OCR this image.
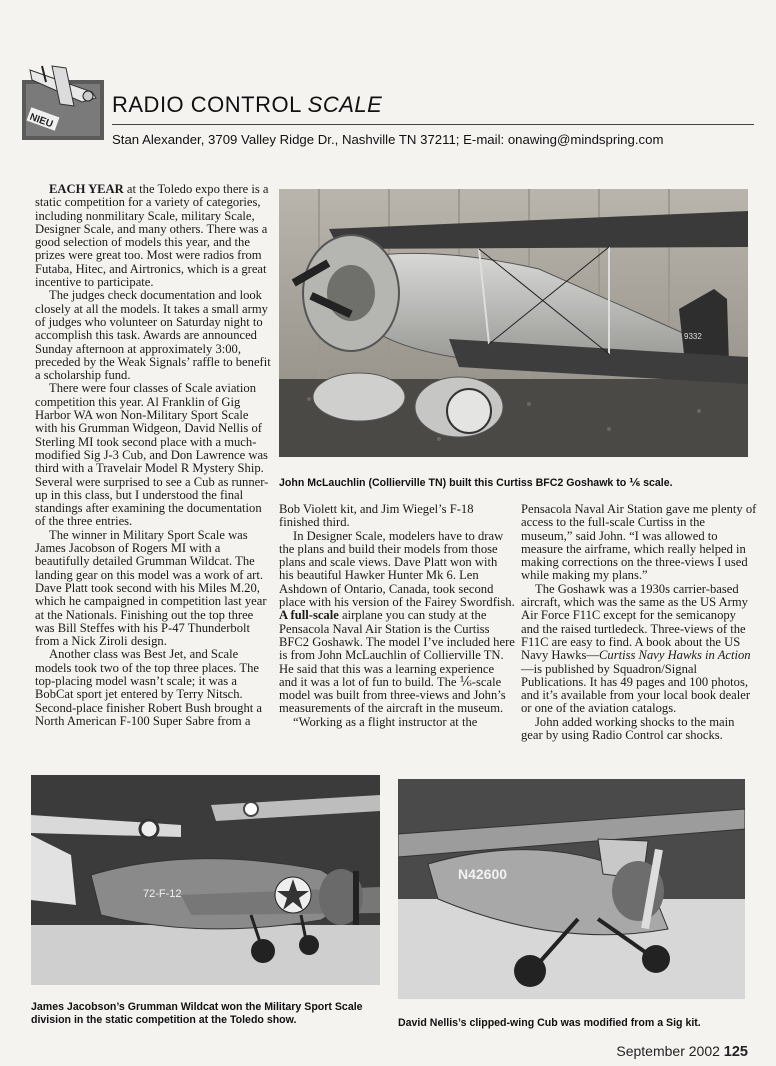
NIEU
RADIO CONTROL SCALE
Stan Alexander, 3709 Valley Ridge Dr., Nashville TN 37211; E-mail: onawing@mindspring.com

EACH YEAR at the Toledo expo there is a static competition for a variety of categories, including nonmilitary Scale, military Scale, Designer Scale, and many others. There was a good selection of models this year, and the prizes were great too. Most were radios from Futaba, Hitec, and Airtronics, which is a great incentive to participate.

The judges check documentation and look closely at all the models. It takes a small army of judges who volunteer on Saturday night to accomplish this task. Awards are announced Sunday afternoon at approximately 3:00, preceded by the Weak Signals’ raffle to benefit a scholarship fund.

There were four classes of Scale aviation competition this year. Al Franklin of Gig Harbor WA won Non-Military Sport Scale with his Grumman Widgeon, David Nellis of Sterling MI took second place with a much-modified Sig J-3 Cub, and Don Lawrence was third with a Travelair Model R Mystery Ship. Several were surprised to see a Cub as runner-up in this class, but I understood the final standings after examining the documentation of the three entries.

The winner in Military Sport Scale was James Jacobson of Rogers MI with a beautifully detailed Grumman Wildcat. The landing gear on this model was a work of art. Dave Platt took second with his Miles M.20, which he campaigned in competition last year at the Nationals. Finishing out the top three was Bill Steffes with his P-47 Thunderbolt from a Nick Ziroli design.

Another class was Best Jet, and Scale models took two of the top three places. The top-placing model wasn’t scale; it was a BobCat sport jet entered by Terry Nitsch. Second-place finisher Robert Bush brought a North American F-100 Super Sabre from a

9332
John McLauchlin (Collierville TN) built this Curtiss BFC2 Goshawk to ⅙ scale.

Bob Violett kit, and Jim Wiegel’s F-18 finished third.

In Designer Scale, modelers have to draw the plans and build their models from those plans and scale views. Dave Platt won with his beautiful Hawker Hunter Mk 6. Len Ashdown of Ontario, Canada, took second place with his version of the Fairey Swordfish.

A full-scale airplane you can study at the Pensacola Naval Air Station is the Curtiss BFC2 Goshawk. The model I’ve included here is from John McLauchlin of Collierville TN. He said that this was a learning experience and it was a lot of fun to build. The ⅙-scale model was built from three-views and John’s measurements of the aircraft in the museum.

“Working as a flight instructor at the

Pensacola Naval Air Station gave me plenty of access to the full-scale Curtiss in the museum,” said John. “I was allowed to measure the airframe, which really helped in making corrections on the three-views I used while making my plans.”

The Goshawk was a 1930s carrier-based aircraft, which was the same as the US Army Air Force F11C except for the semicanopy and the raised turtledeck. Three-views of the F11C are easy to find. A book about the US Navy Hawks—Curtiss Navy Hawks in Action—is published by Squadron/Signal Publications. It has 49 pages and 100 photos, and it’s available from your local book dealer or one of the aviation catalogs.

John added working shocks to the main gear by using Radio Control car shocks.

72-F-12
James Jacobson’s Grumman Wildcat won the Military Sport Scale division in the static competition at the Toledo show.
N42600
David Nellis’s clipped-wing Cub was modified from a Sig kit.
September 2002 125
